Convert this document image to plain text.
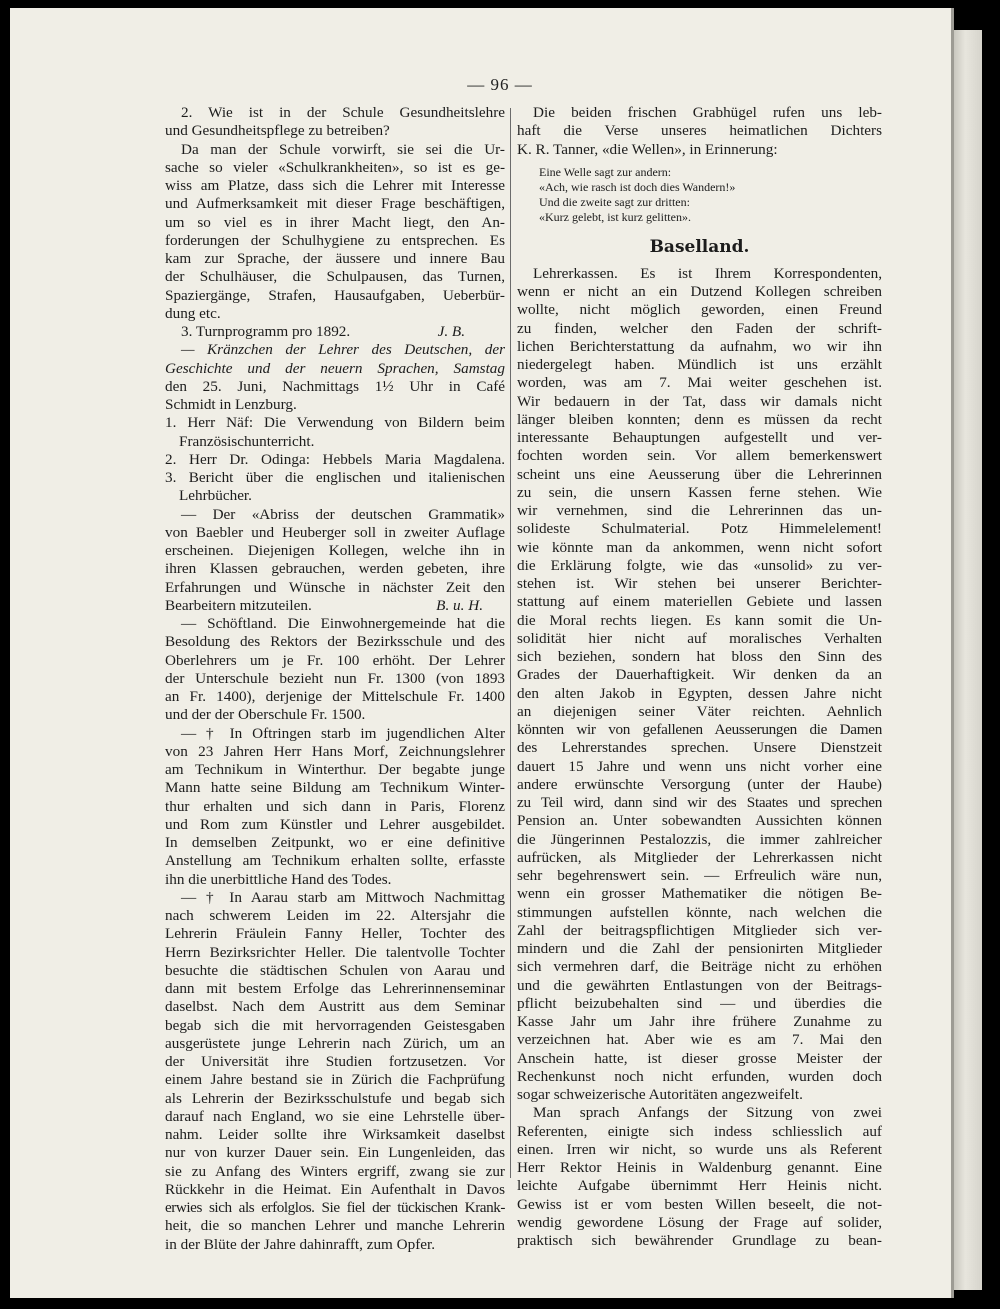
— 96 —
2. Wie ist in der Schule Gesundheitslehre
und Gesundheitspflege zu betreiben?
Da man der Schule vorwirft, sie sei die Ur-
sache so vieler «Schulkrankheiten», so ist es ge-
wiss am Platze, dass sich die Lehrer mit Interesse
und Aufmerksamkeit mit dieser Frage beschäftigen,
um so viel es in ihrer Macht liegt, den An-
forderungen der Schulhygiene zu entsprechen. Es
kam zur Sprache, der äussere und innere Bau
der Schulhäuser, die Schulpausen, das Turnen,
Spaziergänge, Strafen, Hausaufgaben, Ueberbür-
dung etc.
3. Turnprogramm pro 1892.	J. B.
— Kränzchen der Lehrer des Deutschen, der
Geschichte und der neuern Sprachen, Samstag
den 25. Juni, Nachmittags 1½ Uhr in Café
Schmidt in Lenzburg.
1. Herr Näf: Die Verwendung von Bildern beim
Französischunterricht.
2. Herr Dr. Odinga: Hebbels Maria Magdalena.
3. Bericht über die englischen und italienischen
Lehrbücher.
— Der «Abriss der deutschen Grammatik»
von Baebler und Heuberger soll in zweiter Auflage
erscheinen. Diejenigen Kollegen, welche ihn in
ihren Klassen gebrauchen, werden gebeten, ihre
Erfahrungen und Wünsche in nächster Zeit den
Bearbeitern mitzuteilen.	B. u. H.
— Schöftland. Die Einwohnergemeinde hat die
Besoldung des Rektors der Bezirksschule und des
Oberlehrers um je Fr. 100 erhöht. Der Lehrer
der Unterschule bezieht nun Fr. 1300 (von 1893
an Fr. 1400), derjenige der Mittelschule Fr. 1400
und der der Oberschule Fr. 1500.
— † In Oftringen starb im jugendlichen Alter
von 23 Jahren Herr Hans Morf, Zeichnungslehrer
am Technikum in Winterthur. Der begabte junge
Mann hatte seine Bildung am Technikum Winter-
thur erhalten und sich dann in Paris, Florenz
und Rom zum Künstler und Lehrer ausgebildet.
In demselben Zeitpunkt, wo er eine definitive
Anstellung am Technikum erhalten sollte, erfasste
ihn die unerbittliche Hand des Todes.
— † In Aarau starb am Mittwoch Nachmittag
nach schwerem Leiden im 22. Altersjahr die
Lehrerin Fräulein Fanny Heller, Tochter des
Herrn Bezirksrichter Heller. Die talentvolle Tochter
besuchte die städtischen Schulen von Aarau und
dann mit bestem Erfolge das Lehrerinnenseminar
daselbst. Nach dem Austritt aus dem Seminar
begab sich die mit hervorragenden Geistesgaben
ausgerüstete junge Lehrerin nach Zürich, um an
der Universität ihre Studien fortzusetzen. Vor
einem Jahre bestand sie in Zürich die Fachprüfung
als Lehrerin der Bezirksschulstufe und begab sich
darauf nach England, wo sie eine Lehrstelle über-
nahm. Leider sollte ihre Wirksamkeit daselbst
nur von kurzer Dauer sein. Ein Lungenleiden, das
sie zu Anfang des Winters ergriff, zwang sie zur
Rückkehr in die Heimat. Ein Aufenthalt in Davos
erwies sich als erfolglos. Sie fiel der tückischen Krank-
heit, die so manchen Lehrer und manche Lehrerin
in der Blüte der Jahre dahinrafft, zum Opfer.
Die beiden frischen Grabhügel rufen uns leb-
haft die Verse unseres heimatlichen Dichters
K. R. Tanner, «die Wellen», in Erinnerung:
Eine Welle sagt zur andern:
«Ach, wie rasch ist doch dies Wandern!»
Und die zweite sagt zur dritten:
«Kurz gelebt, ist kurz gelitten».
Baselland.
Lehrerkassen. Es ist Ihrem Korrespondenten,
wenn er nicht an ein Dutzend Kollegen schreiben
wollte, nicht möglich geworden, einen Freund
zu finden, welcher den Faden der schrift-
lichen Berichterstattung da aufnahm, wo wir ihn
niedergelegt haben. Mündlich ist uns erzählt
worden, was am 7. Mai weiter geschehen ist.
Wir bedauern in der Tat, dass wir damals nicht
länger bleiben konnten; denn es müssen da recht
interessante Behauptungen aufgestellt und ver-
fochten worden sein. Vor allem bemerkenswert
scheint uns eine Aeusserung über die Lehrerinnen
zu sein, die unsern Kassen ferne stehen. Wie
wir vernehmen, sind die Lehrerinnen das un-
solideste Schulmaterial. Potz Himmelelement!
wie könnte man da ankommen, wenn nicht sofort
die Erklärung folgte, wie das «unsolid» zu ver-
stehen ist. Wir stehen bei unserer Berichter-
stattung auf einem materiellen Gebiete und lassen
die Moral rechts liegen. Es kann somit die Un-
solidität hier nicht auf moralisches Verhalten
sich beziehen, sondern hat bloss den Sinn des
Grades der Dauerhaftigkeit. Wir denken da an
den alten Jakob in Egypten, dessen Jahre nicht
an diejenigen seiner Väter reichten. Aehnlich
könnten wir von gefallenen Aeusserungen die Damen
des Lehrerstandes sprechen. Unsere Dienstzeit
dauert 15 Jahre und wenn uns nicht vorher eine
andere erwünschte Versorgung (unter der Haube)
zu Teil wird, dann sind wir des Staates und sprechen
Pension an. Unter sobewandten Aussichten können
die Jüngerinnen Pestalozzis, die immer zahlreicher
aufrücken, als Mitglieder der Lehrerkassen nicht
sehr begehrenswert sein. — Erfreulich wäre nun,
wenn ein grosser Mathematiker die nötigen Be-
stimmungen aufstellen könnte, nach welchen die
Zahl der beitragspflichtigen Mitglieder sich ver-
mindern und die Zahl der pensionirten Mitglieder
sich vermehren darf, die Beiträge nicht zu erhöhen
und die gewährten Entlastungen von der Beitrags-
pflicht beizubehalten sind — und überdies die
Kasse Jahr um Jahr ihre frühere Zunahme zu
verzeichnen hat. Aber wie es am 7. Mai den
Anschein hatte, ist dieser grosse Meister der
Rechenkunst noch nicht erfunden, wurden doch
sogar schweizerische Autoritäten angezweifelt.
Man sprach Anfangs der Sitzung von zwei
Referenten, einigte sich indess schliesslich auf
einen. Irren wir nicht, so wurde uns als Referent
Herr Rektor Heinis in Waldenburg genannt. Eine
leichte Aufgabe übernimmt Herr Heinis nicht.
Gewiss ist er vom besten Willen beseelt, die not-
wendig gewordene Lösung der Frage auf solider,
praktisch sich bewährender Grundlage zu bean-
